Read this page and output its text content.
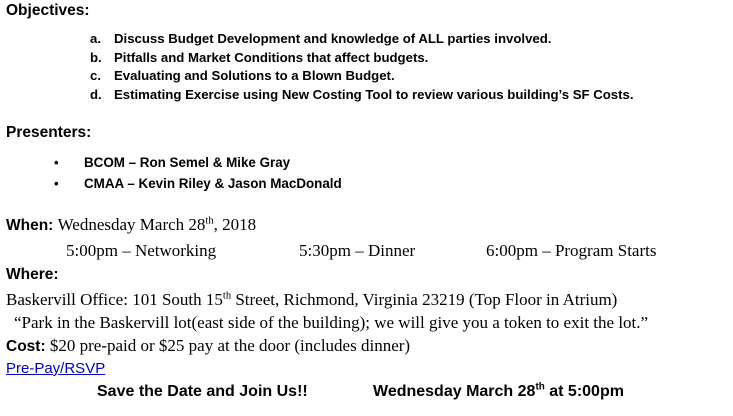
Objectives:
a. Discuss Budget Development and knowledge of ALL parties involved.
b. Pitfalls and Market Conditions that affect budgets.
c. Evaluating and Solutions to a Blown Budget.
d. Estimating Exercise using New Costing Tool to review various building’s SF Costs.
Presenters:
•	BCOM – Ron Semel & Mike Gray
•	CMAA – Kevin Riley & Jason MacDonald
When: Wednesday March 28th, 2018
5:00pm – Networking	5:30pm – Dinner	6:00pm – Program Starts
Where:
Baskervill Office: 101 South 15th Street, Richmond, Virginia 23219 (Top Floor in Atrium)
“Park in the Baskervill lot(east side of the building); we will give you a token to exit the lot.”
Cost: $20 pre-paid or $25 pay at the door (includes dinner)
Pre-Pay/RSVP
Save the Date and Join Us!!	Wednesday March 28th at 5:00pm
